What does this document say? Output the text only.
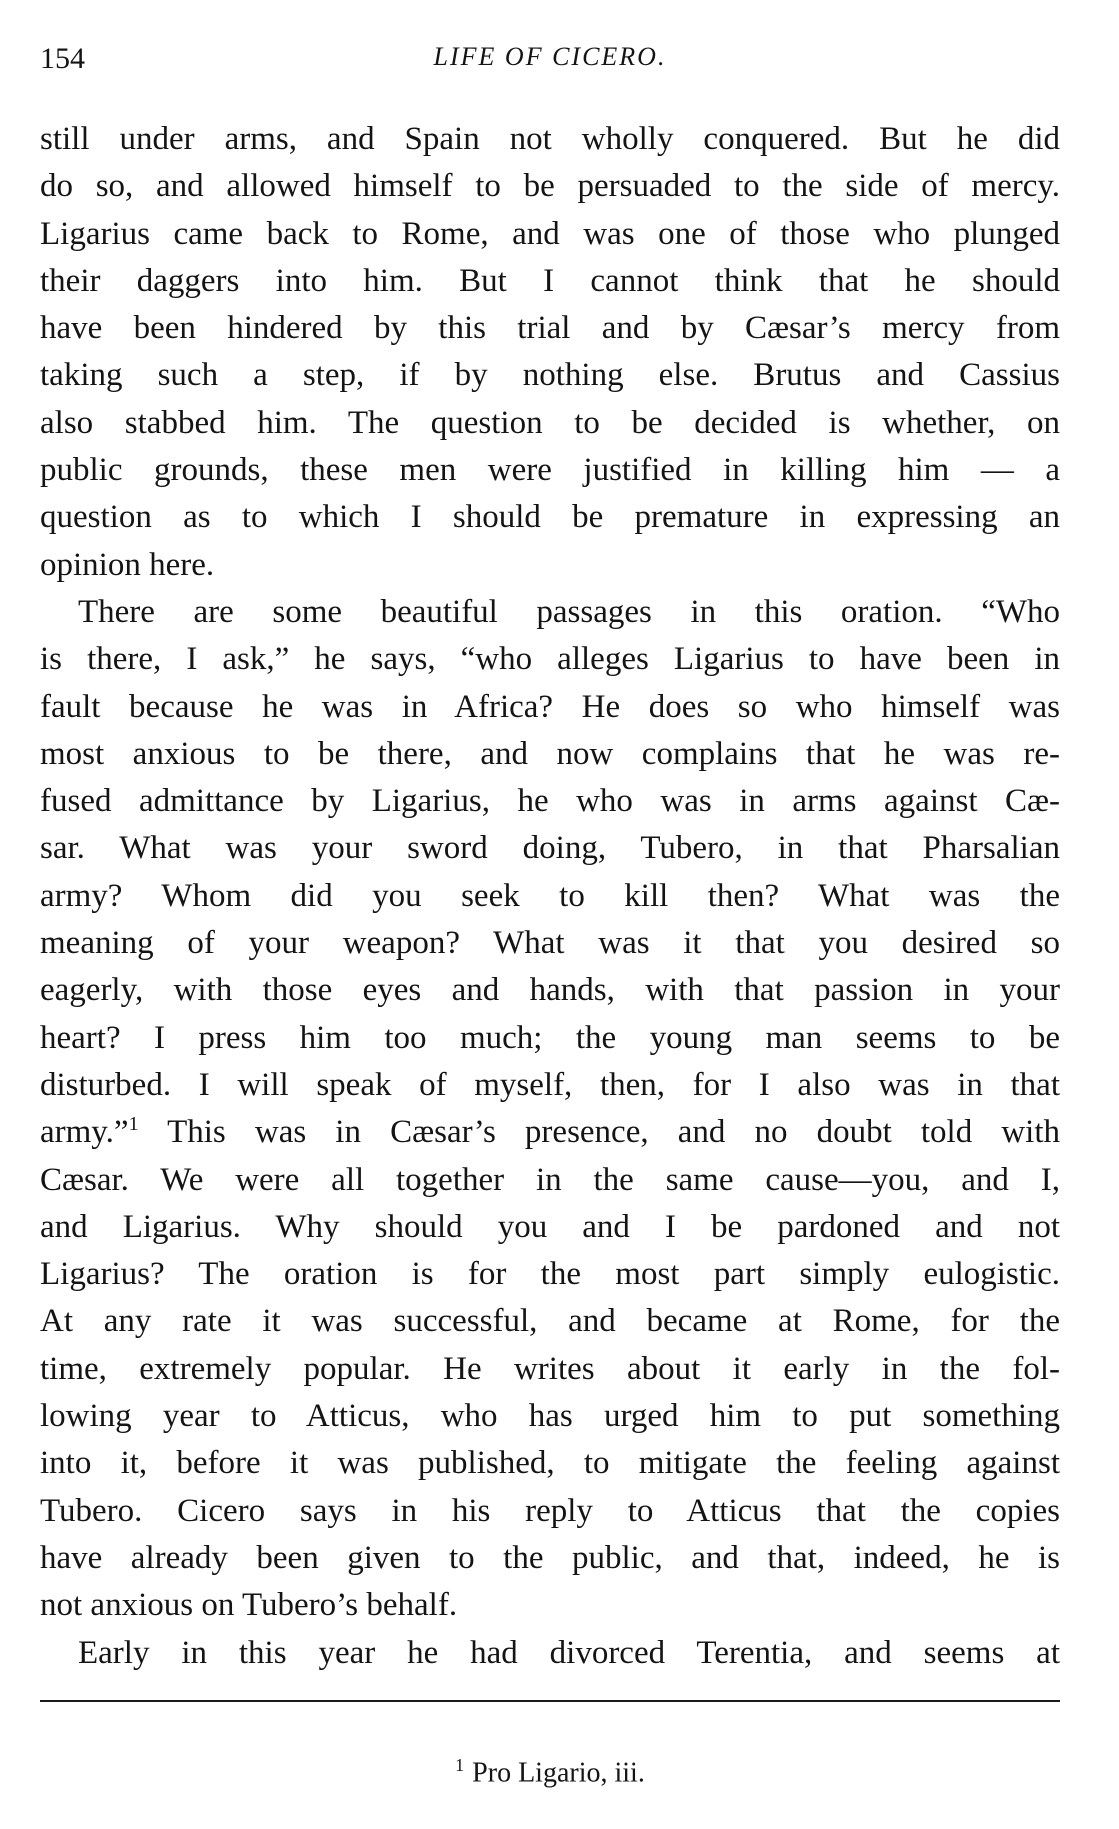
154	LIFE OF CICERO.
still under arms, and Spain not wholly conquered. But he did
do so, and allowed himself to be persuaded to the side of mercy.
Ligarius came back to Rome, and was one of those who plunged
their daggers into him. But I cannot think that he should
have been hindered by this trial and by Cæsar’s mercy from
taking such a step, if by nothing else. Brutus and Cassius
also stabbed him. The question to be decided is whether, on
public grounds, these men were justified in killing him — a
question as to which I should be premature in expressing an
opinion here.
There are some beautiful passages in this oration. “Who
is there, I ask,” he says, “who alleges Ligarius to have been in
fault because he was in Africa? He does so who himself was
most anxious to be there, and now complains that he was re-
fused admittance by Ligarius, he who was in arms against Cæ-
sar. What was your sword doing, Tubero, in that Pharsalian
army? Whom did you seek to kill then? What was the
meaning of your weapon? What was it that you desired so
eagerly, with those eyes and hands, with that passion in your
heart? I press him too much; the young man seems to be
disturbed. I will speak of myself, then, for I also was in that
army.”$^1$ This was in Cæsar’s presence, and no doubt told with
Cæsar. We were all together in the same cause—you, and I,
and Ligarius. Why should you and I be pardoned and not
Ligarius? The oration is for the most part simply eulogistic.
At any rate it was successful, and became at Rome, for the
time, extremely popular. He writes about it early in the fol-
lowing year to Atticus, who has urged him to put something
into it, before it was published, to mitigate the feeling against
Tubero. Cicero says in his reply to Atticus that the copies
have already been given to the public, and that, indeed, he is
not anxious on Tubero’s behalf.
Early in this year he had divorced Terentia, and seems at
$^1$ Pro Ligario, iii.
